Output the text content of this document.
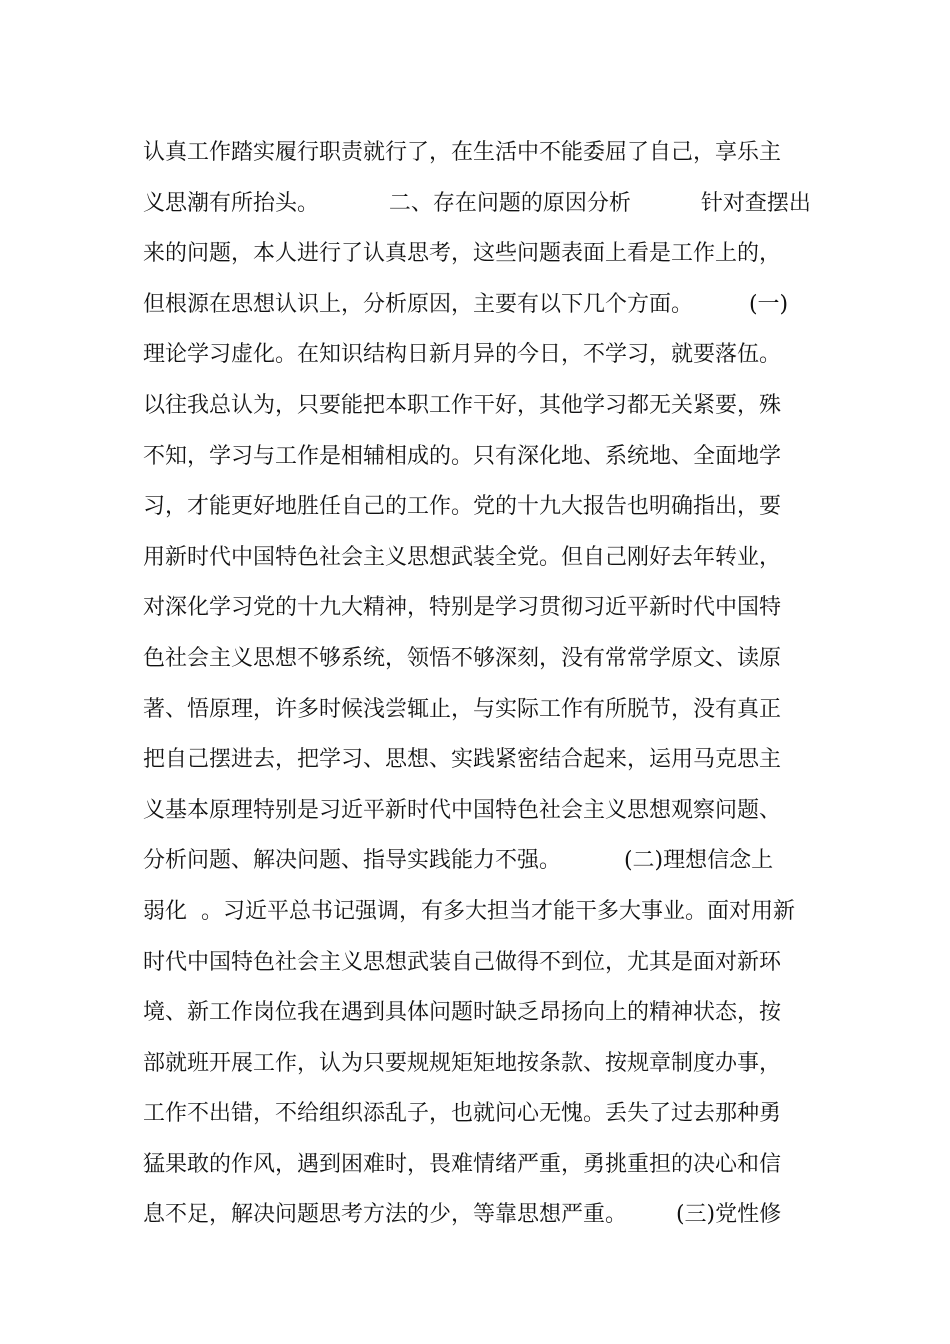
认真工作踏实履行职责就行了，在生活中不能委屈了自己，享乐主
义思潮有所抬头。          二、存在问题的原因分析          针对查摆出
来的问题，本人进行了认真思考，这些问题表面上看是工作上的，
但根源在思想认识上，分析原因，主要有以下几个方面。        (一)
理论学习虚化。在知识结构日新月异的今日，不学习，就要落伍。
以往我总认为，只要能把本职工作干好，其他学习都无关紧要，殊
不知，学习与工作是相辅相成的。只有深化地、系统地、全面地学
习，才能更好地胜任自己的工作。党的十九大报告也明确指出，要
用新时代中国特色社会主义思想武装全党。但自己刚好去年转业，
对深化学习党的十九大精神，特别是学习贯彻习近平新时代中国特
色社会主义思想不够系统，领悟不够深刻，没有常常学原文、读原
著、悟原理，许多时候浅尝辄止，与实际工作有所脱节，没有真正
把自己摆进去，把学习、思想、实践紧密结合起来，运用马克思主
义基本原理特别是习近平新时代中国特色社会主义思想观察问题、
分析问题、解决问题、指导实践能力不强。         (二)理想信念上
弱化  。习近平总书记强调，有多大担当才能干多大事业。面对用新
时代中国特色社会主义思想武装自己做得不到位，尤其是面对新环
境、新工作岗位我在遇到具体问题时缺乏昂扬向上的精神状态，按
部就班开展工作，认为只要规规矩矩地按条款、按规章制度办事，
工作不出错，不给组织添乱子，也就问心无愧。丢失了过去那种勇
猛果敢的作风，遇到困难时，畏难情绪严重，勇挑重担的决心和信
息不足，解决问题思考方法的少，等靠思想严重。       (三)党性修
